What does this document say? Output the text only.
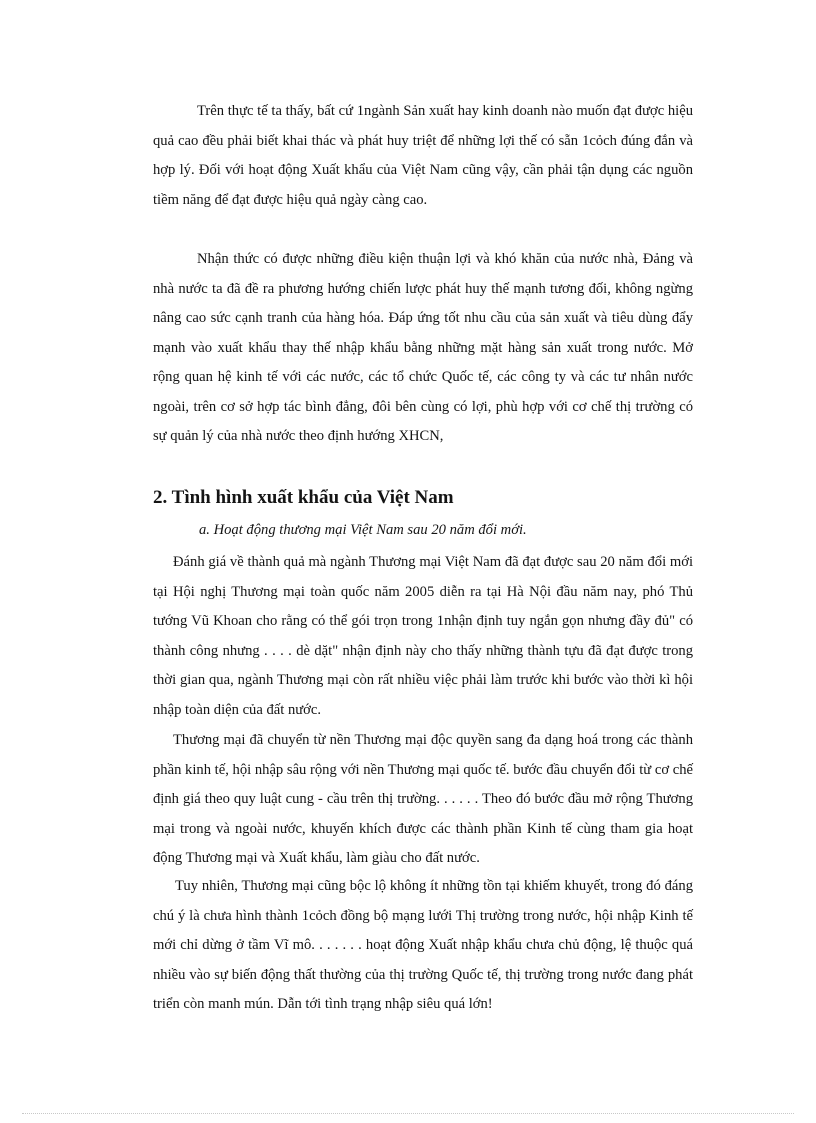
Trên thực tế ta thấy, bất cứ 1ngành Sản xuất hay kinh doanh nào muốn đạt được hiệu quả cao đều phải biết khai thác và phát huy triệt để những lợi thế có sẵn 1cỏch đúng đắn và hợp lý. Đối với hoạt động Xuất khẩu của Việt Nam cũng vậy, cần phải tận dụng các nguồn tiềm năng để đạt được hiệu quả ngày càng cao.

Nhận thức có được những điều kiện thuận lợi và khó khăn của nước nhà, Đảng và nhà nước ta đã đề ra phương hướng chiến lược phát huy thế mạnh tương đối, không ngừng nâng cao sức cạnh tranh của hàng hóa. Đáp ứng tốt nhu cầu của sản xuất và tiêu dùng đẩy mạnh vào xuất khẩu thay thế nhập khẩu bằng những mặt hàng sản xuất trong nước. Mở rộng quan hệ kinh tế với các nước, các tổ chức Quốc tế, các công ty và các tư nhân nước ngoài, trên cơ sở hợp tác bình đẳng, đôi bên cùng có lợi, phù hợp với cơ chế thị trường có sự quản lý của nhà nước theo định hướng XHCN,

2. Tình hình xuất khẩu của Việt Nam

a. Hoạt động thương mại Việt Nam sau 20 năm đổi mới.

Đánh giá về thành quả mà ngành Thương mại Việt Nam đã đạt được sau 20 năm đổi mới tại Hội nghị Thương mại toàn quốc năm 2005 diễn ra tại Hà Nội đầu năm nay, phó Thủ tướng Vũ Khoan cho rằng có thể gói trọn trong 1nhận định tuy ngắn gọn nhưng đầy đủ" có thành công nhưng . . . . dè dặt" nhận định này cho thấy những thành tựu đã đạt được trong thời gian qua, ngành Thương mại còn rất nhiều việc phải làm trước khi bước vào thời kì hội nhập toàn diện của đất nước.

Thương mại đã chuyển từ nền Thương mại độc quyền sang đa dạng hoá trong các thành phần kinh tế, hội nhập sâu rộng với nền Thương mại quốc tế. bước đầu chuyển đổi từ cơ chế định giá theo quy luật cung - cầu trên thị trường. . . . . . Theo đó bước đầu mở rộng Thương mại trong và ngoài nước, khuyến khích được các thành phần Kinh tế cùng tham gia hoạt động Thương mại và Xuất khẩu, làm giàu cho đất nước.

Tuy nhiên, Thương mại cũng bộc lộ không ít những tồn tại khiếm khuyết, trong đó đáng chú ý là chưa hình thành 1cỏch đồng bộ mạng lưới Thị trường trong nước, hội nhập Kinh tế mới chỉ dừng ở tầm Vĩ mô. . . . . . . hoạt động Xuất nhập khẩu chưa chủ động, lệ thuộc quá nhiều vào sự biến động thất thường của thị trường Quốc tế, thị trường trong nước đang phát triển còn manh mún. Dẫn tới tình trạng nhập siêu quá lớn!
